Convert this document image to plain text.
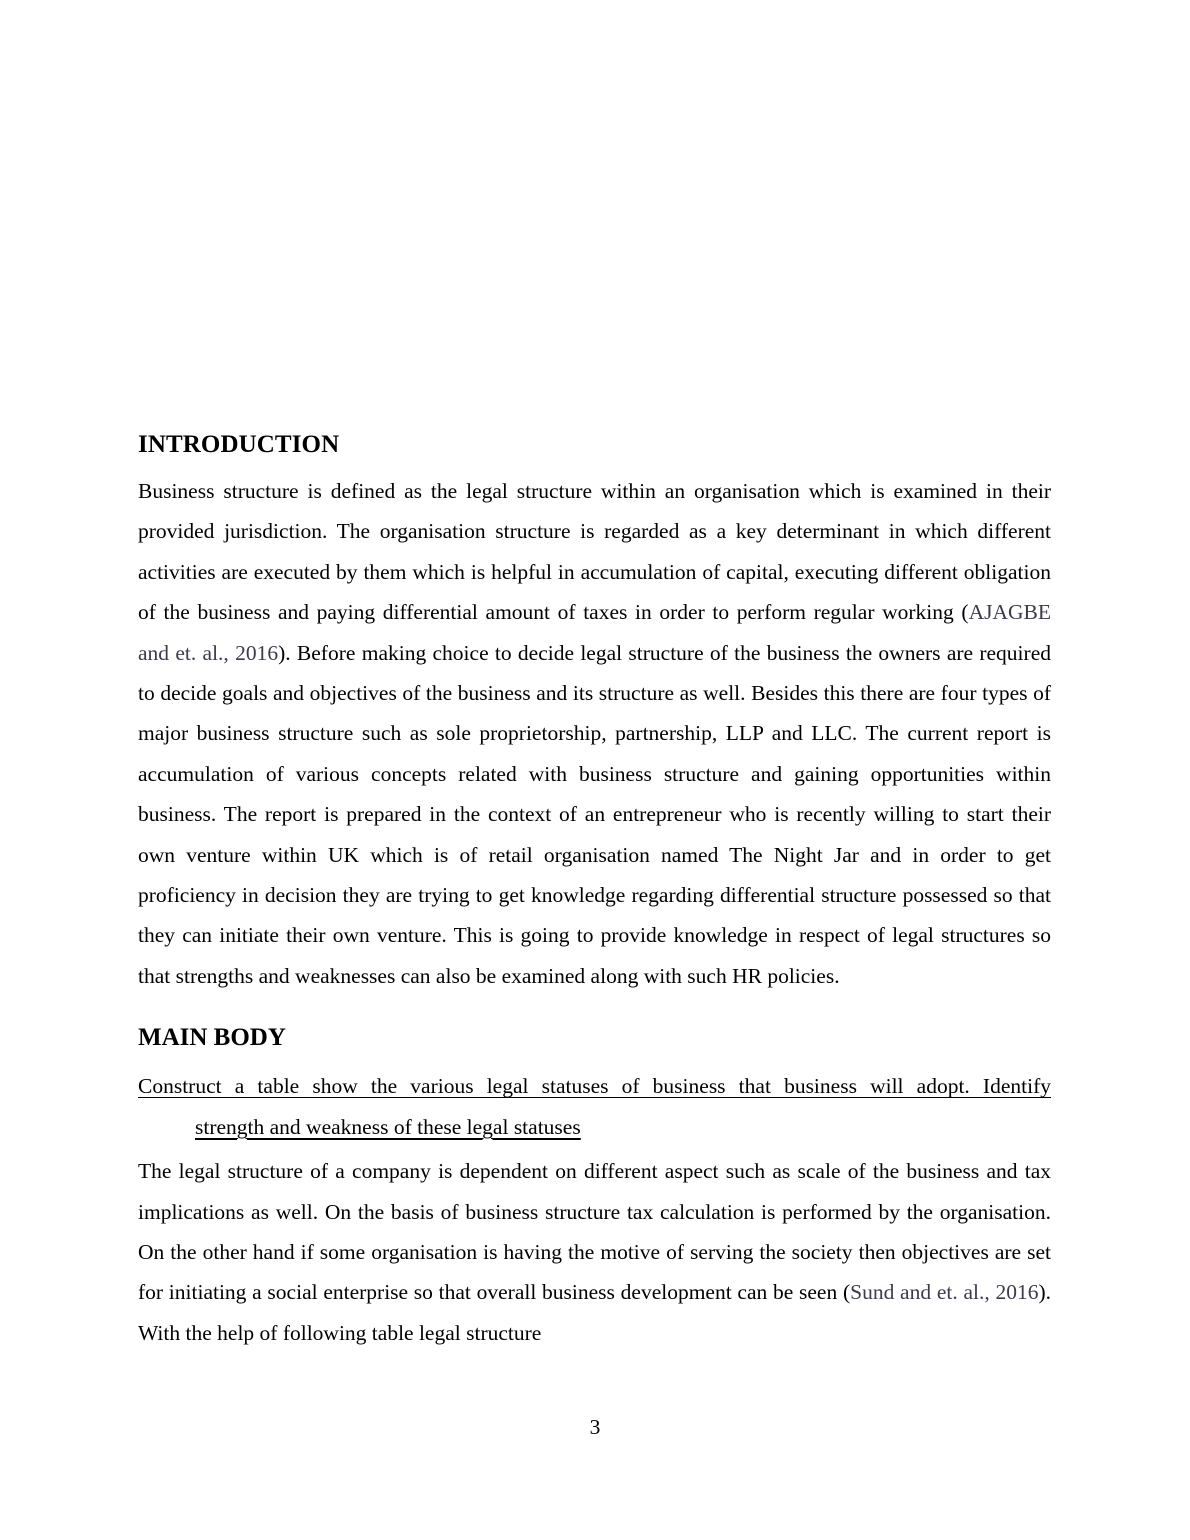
INTRODUCTION

Business structure is defined as the legal structure within an organisation which is examined in their provided jurisdiction. The organisation structure is regarded as a key determinant in which different activities are executed by them which is helpful in accumulation of capital, executing different obligation of the business and paying differential amount of taxes in order to perform regular working (AJAGBE and et. al., 2016). Before making choice to decide legal structure of the business the owners are required to decide goals and objectives of the business and its structure as well. Besides this there are four types of major business structure such as sole proprietorship, partnership, LLP and LLC. The current report is accumulation of various concepts related with business structure and gaining opportunities within business. The report is prepared in the context of an entrepreneur who is recently willing to start their own venture within UK which is of retail organisation named The Night Jar and in order to get proficiency in decision they are trying to get knowledge regarding differential structure possessed so that they can initiate their own venture. This is going to provide knowledge in respect of legal structures so that strengths and weaknesses can also be examined along with such HR policies.

MAIN BODY
Construct a table show the various legal statuses of business that business will adopt. Identify
strength and weakness of these legal statuses

The legal structure of a company is dependent on different aspect such as scale of the business and tax implications as well. On the basis of business structure tax calculation is performed by the organisation. On the other hand if some organisation is having the motive of serving the society then objectives are set for initiating a social enterprise so that overall business development can be seen (Sund and et. al., 2016). With the help of following table legal structure

3
